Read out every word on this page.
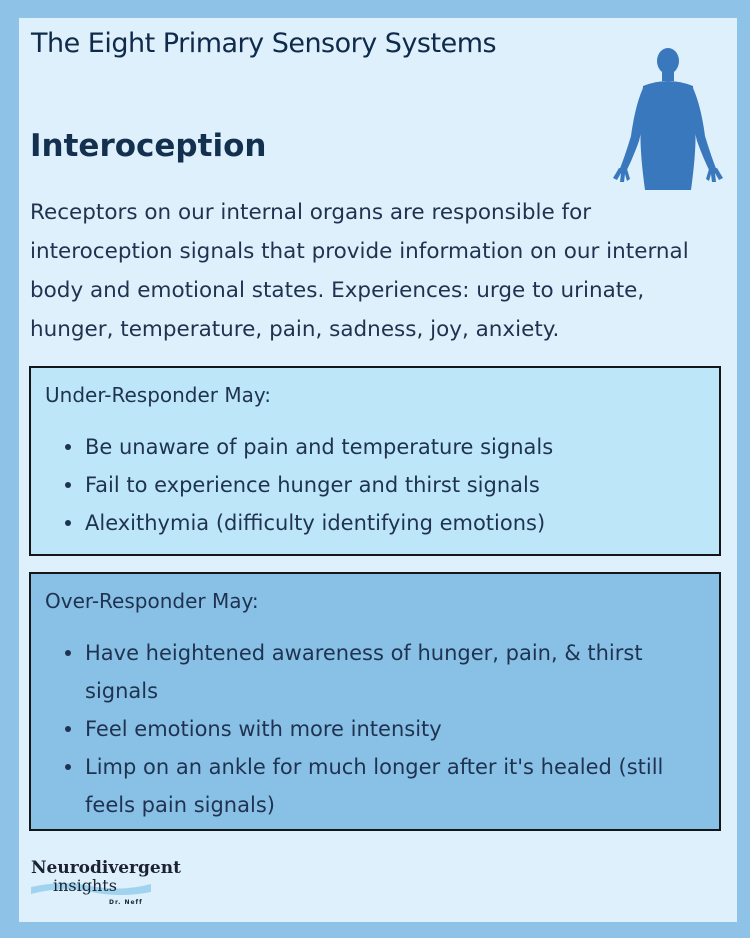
The Eight Primary Sensory Systems
Interoception
Receptors on our internal organs are responsible for interoception signals that provide information on our internal body and emotional states. Experiences: urge to urinate, hunger, temperature, pain, sadness, joy, anxiety.
Under-Responder May:
Be unaware of pain and temperature signals
Fail to experience hunger and thirst signals
Alexithymia (difficulty identifying emotions)
Over-Responder May:
Have heightened awareness of hunger, pain, & thirst signals
Feel emotions with more intensity
Limp on an ankle for much longer after it's healed (still feels pain signals)
Neurodivergent
insights
Dr. Neff
